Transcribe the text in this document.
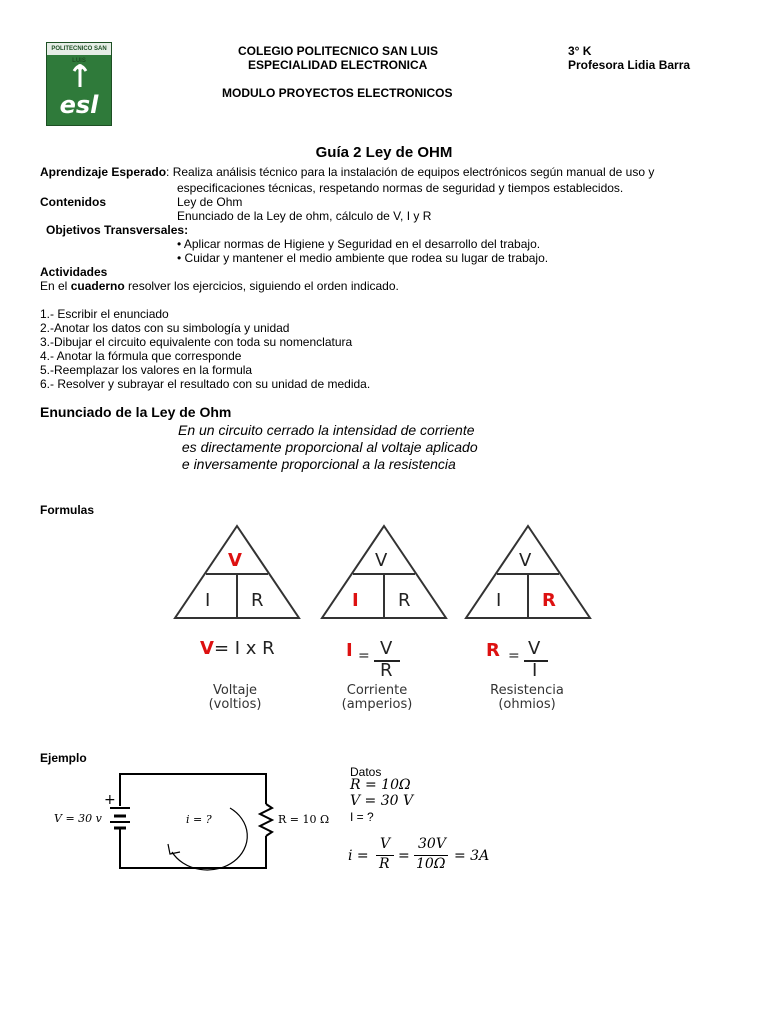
POLITECNICO SAN LUIS
esl
COLEGIO POLITECNICO SAN LUIS
ESPECIALIDAD ELECTRONICA
3° K
Profesora Lidia Barra
MODULO PROYECTOS ELECTRONICOS
Guía 2 Ley de OHM
Aprendizaje Esperado: Realiza análisis técnico para la instalación de equipos electrónicos según manual de uso y
especificaciones técnicas, respetando normas de seguridad y tiempos establecidos.
Contenidos	Ley de Ohm
Enunciado de la Ley de ohm, cálculo de V, I y R
Objetivos Transversales:
• Aplicar normas de Higiene y Seguridad en el desarrollo del trabajo.
• Cuidar y mantener el medio ambiente que rodea su lugar de trabajo.
Actividades
En el cuaderno resolver los ejercicios, siguiendo el orden indicado.
1.- Escribir el enunciado
2.-Anotar los datos con su simbología y unidad
3.-Dibujar el circuito equivalente con toda su nomenclatura
4.- Anotar la fórmula que corresponde
5.-Reemplazar los valores en la formula
6.- Resolver y subrayar el resultado con su unidad de medida.
Enunciado de la Ley de Ohm
En un circuito cerrado la intensidad de corriente
es directamente proporcional al voltaje aplicado
e inversamente proporcional a la resistencia
Formulas
V
I R
V= I x R
Voltaje
(voltios)
V
I R
I = V
R
Corriente
(amperios)
V
I R
R = V
I
Resistencia
(ohmios)
Ejemplo
+
V = 30 v	i = ?	R = 10 Ω
Datos
R = 10Ω
V = 30 V
I = ?
i =
V
R =
30V
10Ω = 3A
